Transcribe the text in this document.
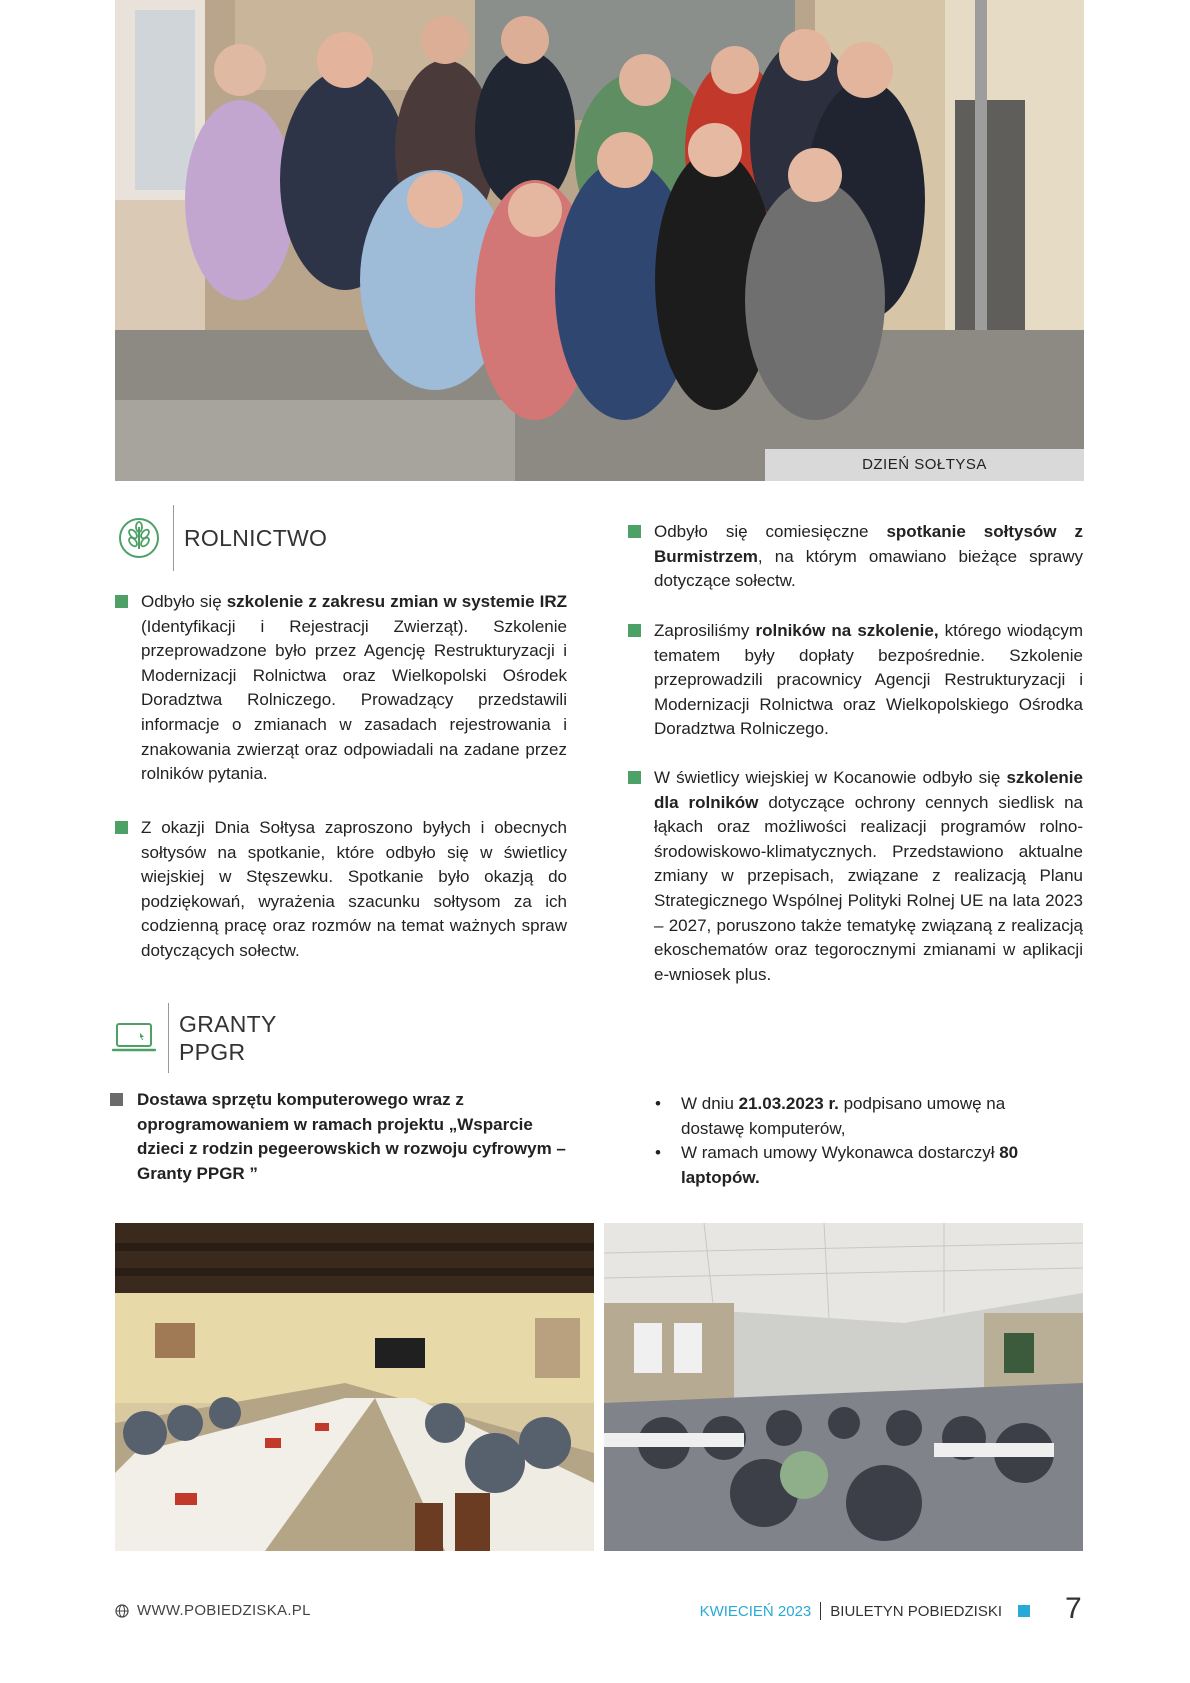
DZIEŃ SOŁTYSA
ROLNICTWO
Odbyło się szkolenie z zakresu zmian w systemie IRZ (Identyfikacji i Rejestracji Zwierząt). Szkolenie przeprowadzone było przez Agencję Restrukturyzacji i Modernizacji Rolnictwa oraz Wielkopolski Ośrodek Doradztwa Rolniczego. Prowadzący przedstawili informacje o zmianach w zasadach rejestrowania i znakowania zwierząt oraz odpowiadali na zadane przez rolników pytania.
Z okazji Dnia Sołtysa zaproszono byłych i obecnych sołtysów na spotkanie, które odbyło się w świetlicy wiejskiej w Stęszewku. Spotkanie było okazją do podziękowań, wyrażenia szacunku sołtysom za ich codzienną pracę oraz rozmów na temat ważnych spraw dotyczących sołectw.
Odbyło się comiesięczne spotkanie sołtysów z Burmistrzem, na którym omawiano bieżące sprawy dotyczące sołectw.
Zaprosiliśmy rolników na szkolenie, którego wiodącym tematem były dopłaty bezpośrednie. Szkolenie przeprowadzili pracownicy Agencji Restrukturyzacji i Modernizacji Rolnictwa oraz Wielkopolskiego Ośrodka Doradztwa Rolniczego.
W świetlicy wiejskiej w Kocanowie odbyło się szkolenie dla rolników dotyczące ochrony cennych siedlisk na łąkach oraz możliwości realizacji programów rolno-środowiskowo-klimatycznych. Przedstawiono aktualne zmiany w przepisach, związane z realizacją Planu Strategicznego Wspólnej Polityki Rolnej UE na lata 2023 – 2027, poruszono także tematykę związaną z realizacją ekoschematów oraz tegorocznymi zmianami w aplikacji e-wniosek plus.
GRANTY
PPGR
Dostawa sprzętu komputerowego wraz z oprogramowaniem w ramach projektu „Wsparcie dzieci z rodzin pegeerowskich w rozwoju cyfrowym – Granty PPGR ”
• W dniu 21.03.2023 r. podpisano umowę na dostawę komputerów,
• W ramach umowy Wykonawca dostarczył 80 laptopów.
WWW.POBIEDZISKA.PL	KWIECIEŃ 2023 BIULETYN POBIEDZISKI 7
